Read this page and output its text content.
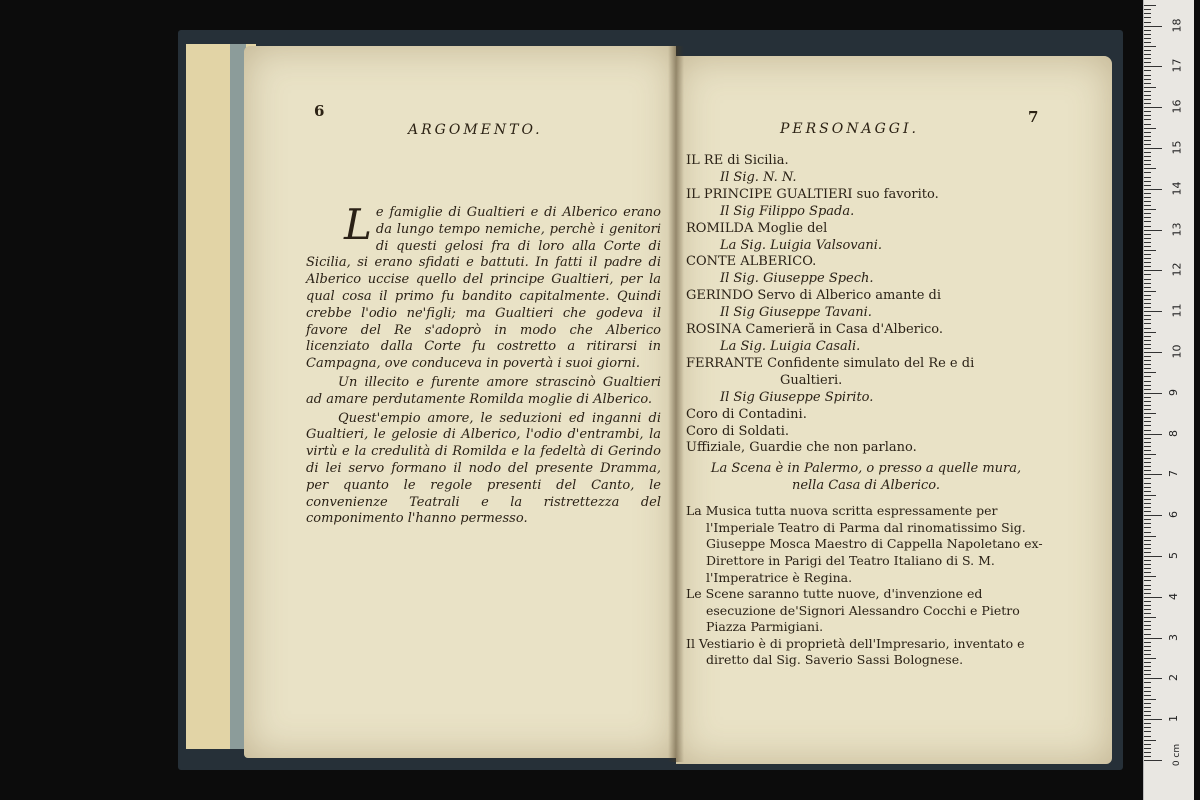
6
ARGOMENTO.

Le famiglie di Gualtieri e di Alberico erano da lungo tempo nemiche, perchè i genitori di questi gelosi fra di loro alla Corte di Sicilia, si erano sfidati e battuti. In fatti il padre di Alberico uccise quello del principe Gualtieri, per la qual cosa il primo fu bandito capitalmente. Quindi crebbe l'odio ne'figli; ma Gualtieri che godeva il favore del Re s'adoprò in modo che Alberico licenziato dalla Corte fu costretto a ritirarsi in Campagna, ove conduceva in povertà i suoi giorni.

Un illecito e furente amore strascinò Gualtieri ad amare perdutamente Romilda moglie di Alberico.

Quest'empio amore, le seduzioni ed inganni di Gualtieri, le gelosie di Alberico, l'odio d'entrambi, la virtù e la credulità di Romilda e la fedeltà di Gerindo di lei servo formano il nodo del presente Dramma, per quanto le regole presenti del Canto, le convenienze Teatrali e la ristrettezza del componimento l'hanno permesso.

7
PERSONAGGI.
IL RE di Sicilia.
Il Sig. N. N.
IL PRINCIPE GUALTIERI suo favorito.
Il Sig Filippo Spada.
ROMILDA Moglie del
La Sig. Luigia Valsovani.
CONTE ALBERICO.
Il Sig. Giuseppe Spech.
GERINDO Servo di Alberico amante di
Il Sig Giuseppe Tavani.
ROSINA Camerieră in Casa d'Alberico.
La Sig. Luigia Casali.
FERRANTE Confidente simulato del Re e di
Gualtieri.
Il Sig Giuseppe Spirito.
Coro di Contadini.
Coro di Soldati.
Uffiziale, Guardie che non parlano.
La Scena è in Palermo, o presso a quelle mura,
nella Casa di Alberico.
La Musica tutta nuova scritta espressamente per l'Imperiale Teatro di Parma dal rinomatissimo Sig. Giuseppe Mosca Maestro di Cappella Napoletano ex-Direttore in Parigi del Teatro Italiano di S. M. l'Imperatrice è Regina.
Le Scene saranno tutte nuove, d'invenzione ed esecuzione de'Signori Alessandro Cocchi e Pietro Piazza Parmigiani.
Il Vestiario è di proprietà dell'Impresario, inventato e diretto dal Sig. Saverio Sassi Bolognese.
0 cm
1
2
3
4
5
6
7
8
9
10
11
12
13
14
15
16
17
18
